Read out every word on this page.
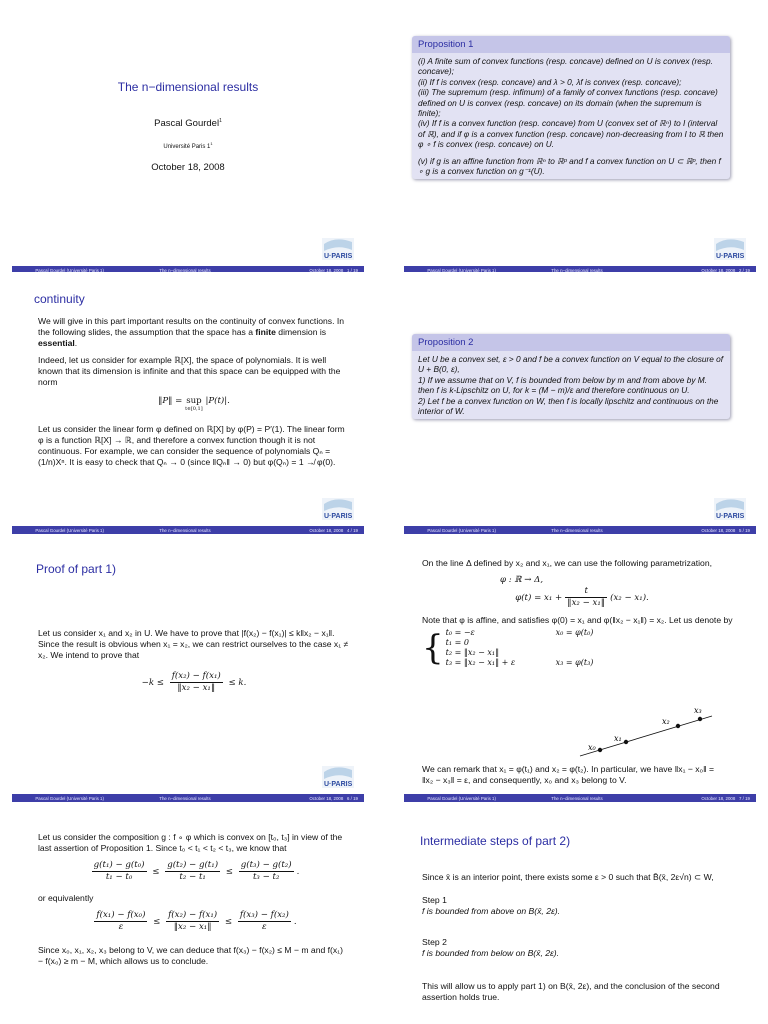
The n−dimensional results
Pascal Gourdel$^1$
Université Paris $1^1$
October 18, 2008
U·PARIS
Pascal Gourdel (Université Paris 1)	The n−dimensional results	October 18, 2008 1 / 19
Proposition 1

(i) A finite sum of convex functions (resp. concave) defined on U is convex (resp. concave);

(ii) If f is convex (resp. concave) and λ > 0, λf is convex (resp. concave);

(iii) The supremum (resp. infimum) of a family of convex functions (resp. concave) defined on U is convex (resp. concave) on its domain (when the supremum is finite);

(iv) If f is a convex function (resp. concave) from U (convex set of ℝⁿ) to I (interval of ℝ), and if φ is a convex function (resp. concave) non-decreasing from I to ℝ then φ ∘ f is convex (resp. concave) on U.

(v) if g is an affine function from ℝⁿ to ℝᵖ and f a convex function on U ⊂ ℝᵖ, then f ∘ g is a convex function on g⁻¹(U).

U·PARIS
Pascal Gourdel (Université Paris 1)	The n−dimensional results	October 18, 2008 2 / 19
continuity

We will give in this part important results on the continuity of convex functions. In the following slides, the assumption that the space has a finite dimension is essential.

Indeed, let us consider for example ℝ[X], the space of polynomials. It is well known that its dimension is infinite and that this space can be equipped with the norm

‖P‖ = sup
t∈[0,1]
|P(t)|.

Let us consider the linear form φ defined on ℝ[X] by φ(P) = P′(1). The linear form φ is a function ℝ[X] → ℝ, and therefore a convex function though it is not continuous. For example, we can consider the sequence of polynomials Qₙ = (1/n)Xⁿ. It is easy to check that Qₙ → 0 (since ‖Qₙ‖ → 0) but φ(Qₙ) = 1 ↛ φ(0).

U·PARIS
Pascal Gourdel (Université Paris 1)	The n−dimensional results	October 18, 2008 4 / 19
Proposition 2

Let U be a convex set, ε > 0 and f be a convex function on V equal to the closure of U + B(0, ε),

1) If we assume that on V, f is bounded from below by m and from above by M. then f is k-Lipschitz on U, for k = (M − m)/ε and therefore continuous on U.

2) Let f be a convex function on W, then f is locally lipschitz and continuous on the interior of W.

U·PARIS
Pascal Gourdel (Université Paris 1)	The n−dimensional results	October 18, 2008 5 / 19
Proof of part 1)

Let us consider x₁ and x₂ in U. We have to prove that |f(x₂) − f(x₁)| ≤ k‖x₂ − x₁‖. Since the result is obvious when x₁ = x₂, we can restrict ourselves to the case x₁ ≠ x₂. We intend to prove that

$-k \le \frac{\text{f(x₂) − f(x₁)}}{\text{‖x₂ − x₁‖}} \le k$.
U·PARIS
Pascal Gourdel (Université Paris 1)	The n−dimensional results	October 18, 2008 6 / 19

On the line Δ defined by x₂ and x₁, we can use the following parametrization,

φ : ℝ → Δ,
$\varphi(t) = x_1 + \frac{t}{\text{‖x₂ − x₁‖}} (x_2 - x_1)$.

Note that φ is affine, and satisfies φ(0) = x₁ and φ(‖x₂ − x₁‖) = x₂. Let us denote by

{ t₀ = −ε
t₁ = 0
t₂ = ‖x₂ − x₁‖
t₃ = ‖x₂ − x₁‖ + ε
x₀ = φ(t₀)
x₃ = φ(t₃)
x₀
x₁
x₂
x₃
We can remark that x₁ = φ(t₁) and x₂ = φ(t₂). In particular, we have ‖x₁ − x₀‖ = ‖x₂ − x₃‖ = ε, and consequently, x₀ and x₃ belong to V.
Pascal Gourdel (Université Paris 1)	The n−dimensional results	October 18, 2008 7 / 19

Let us consider the composition g : f ∘ φ which is convex on [t₀, t₃] in view of the last assertion of Proposition 1. Since t₀ < t₁ < t₂ < t₃, we know that

$\frac{\text{g(t₁) − g(t₀)}}{\text{t₁ − t₀}} \le \frac{\text{g(t₂) − g(t₁)}}{\text{t₂ − t₁}} \le \frac{\text{g(t₃) − g(t₂)}}{\text{t₃ − t₂}}$ .

or equivalently

$\frac{\text{f(x₁) − f(x₀)}}{\varepsilon} \le \frac{\text{f(x₂) − f(x₁)}}{\text{‖x₂ − x₁‖}} \le \frac{\text{f(x₃) − f(x₂)}}{\varepsilon}$ .

Since x₀, x₁, x₂, x₃ belong to V, we can deduce that f(x₃) − f(x₂) ≤ M − m and f(x₁) − f(x₀) ≥ m − M, which allows us to conclude.

Intermediate steps of part 2)

Since x̄ is an interior point, there exists some ε > 0 such that B̄(x̄, 2ε√n) ⊂ W,

Step 1
f is bounded from above on B(x̄, 2ε).
Step 2
f is bounded from below on B(x̄, 2ε).

This will allow us to apply part 1) on B(x̄, 2ε), and the conclusion of the second assertion holds true.
